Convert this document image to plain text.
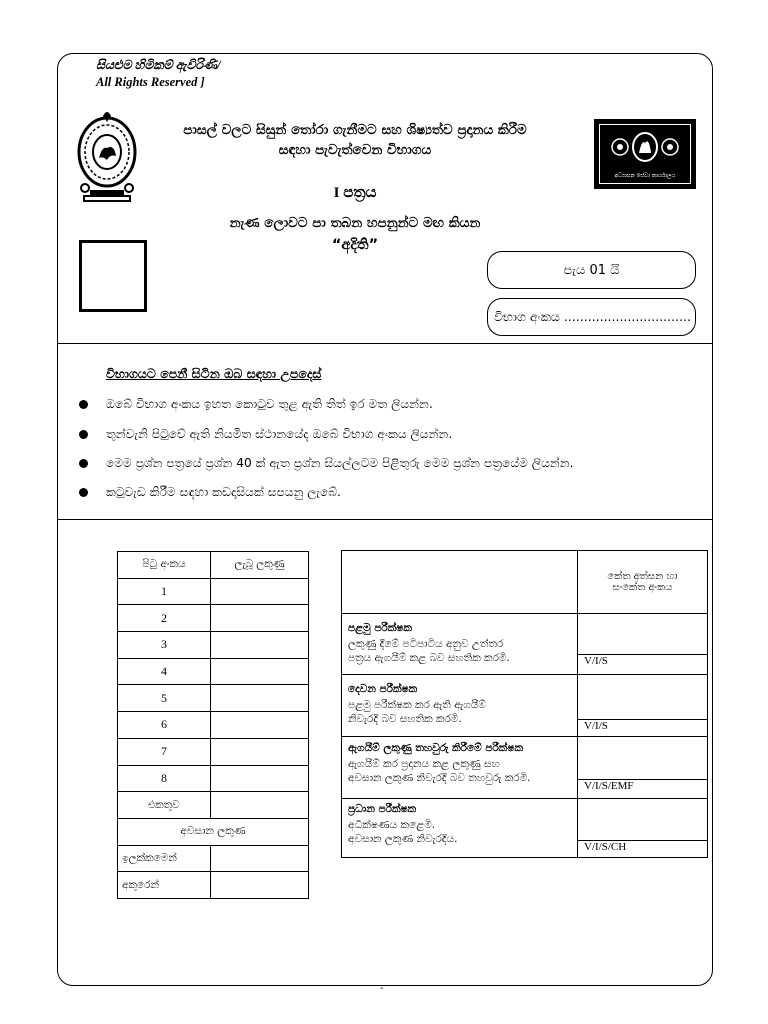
සියළුම හිමිකම් ඇවිරිණි/
All Rights Reserved ]
පාසල් වලට සිසුන් තෝරා ගැනීමට සහ ශිෂ්‍යත්ව ප්‍රදානය කිරීම
සඳහා පැවැත්වෙන විභාගය
I පත්‍රය
නැණ ලොවට පා තබන හපනුන්ට මඟ කියන
“අදිති”
අධ්‍යාපන සේවා කාර්යාලය
පැය 01 යි
විභාග අංකය ................................
විභාගයට පෙනී සිටින ඔබ සඳහා උපදෙස්
ඔබේ විභාග අංකය ඉහත කොටුව තුළ ඇති තිත් ඉර මත ලියන්න.
තුන්වැනි පිටුවේ ඇති නියමිත ස්ථානයේද ඔබේ විභාග අංකය ලියන්න.
මෙම ප්‍රශ්න පත්‍රයේ ප්‍රශ්න 40 ක් ඇත ප්‍රශ්න සියල්ලටම පිළිතුරු මෙම ප්‍රශ්න පත්‍රයේම ලියන්න.
කටුවැඩ කිරීම සඳහා කඩදාසියක් සපයනු ලැබේ.
පිටු අංකය	ලැබූ ලකුණු
1	
2	
3	
4	
5	
6	
7	
8	
එකතුව	
අවසාන ලකුණ	
ඉලක්කමෙන්	
අකුරෙන්	
	කේත අත්සන හා සංකේත අංකය

පළමු පරීක්ෂක
ලකුණු දීමේ පටිපාටිය අනුව උත්තර
පත්‍රය ඇගයීම් කළ බව සහතික කරමි.	

	V/I/S

දෙවන පරීක්ෂක
පළමු පරීක්ෂක කර ඇති ඇගයීම්
නිවැරදි බව සහතික කරමි.	

	V/I/S

ඇගයීම් ලකුණු තහවුරු කිරීමේ පරීක්ෂක
ඇගයීම් කර ප්‍රදානය කළ ලකුණු සහ
අවසාන ලකුණ නිවැරදි බව තහවුරු කරමි.	

	V/I/S/EMF

ප්‍රධාන පරීක්ෂක
අධීක්ෂණය කළෙමි.
අවසාන ලකුණ නිවැරදිය.	

	V/I/S/CH
-
